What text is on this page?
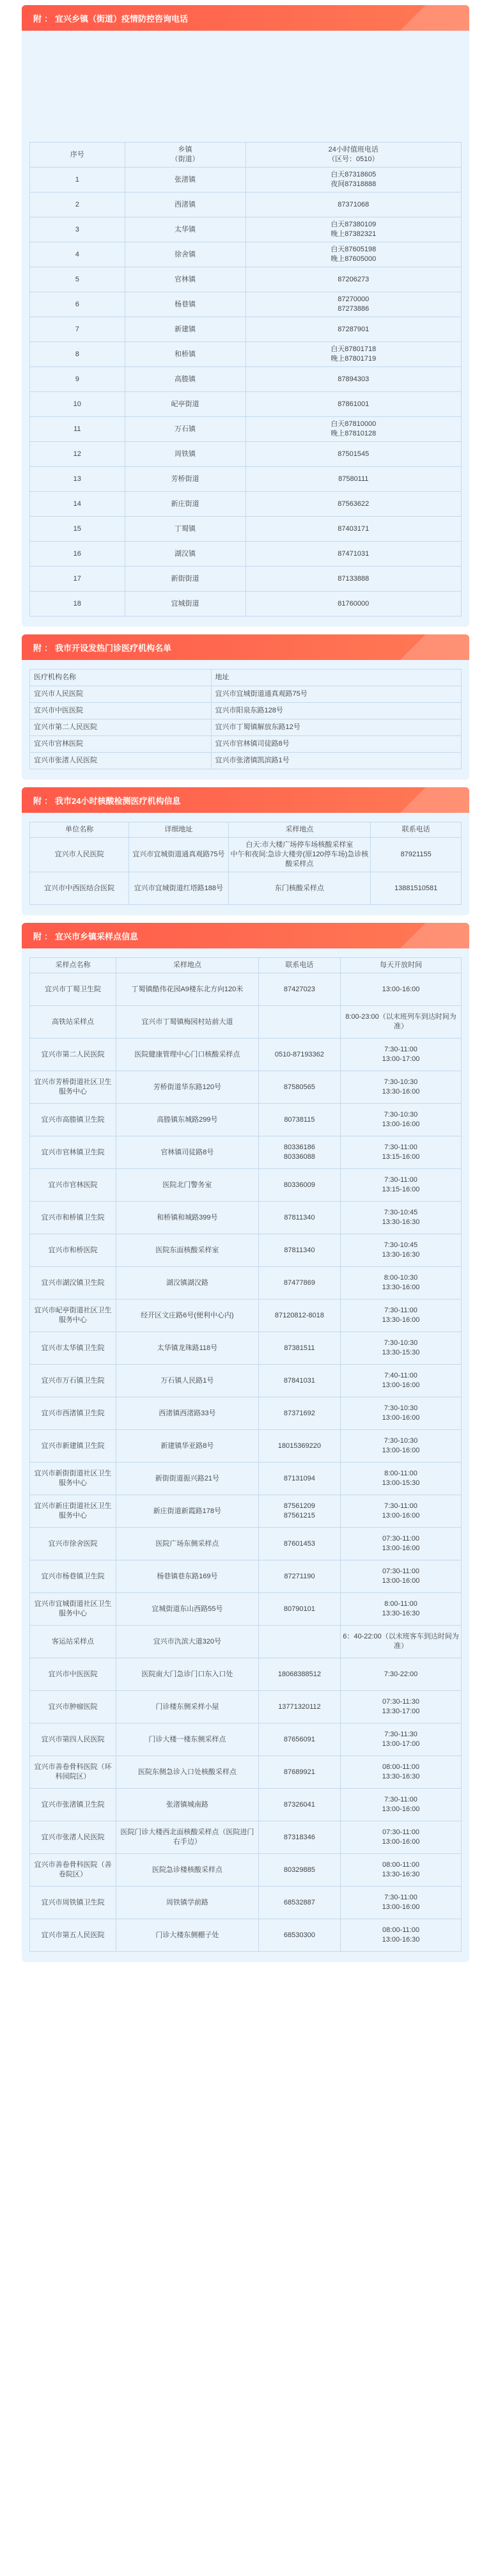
附 ： 宜兴乡镇（街道）疫情防控咨询电话
序号	乡镇
（街道）	24小时值班电话
（区号：0510）
1	张渚镇	白天87318605
夜间87318888
2	西渚镇	87371068
3	太华镇	白天87380109
晚上87382321
4	徐舍镇	白天87605198
晚上87605000
5	官林镇	87206273
6	杨巷镇	87270000
87273886
7	新建镇	87287901
8	和桥镇	白天87801718
晚上87801719
9	高塍镇	87894303
10	屺亭街道	87861001
11	万石镇	白天87810000
晚上87810128
12	周铁镇	87501545
13	芳桥街道	87580111
14	新庄街道	87563622
15	丁蜀镇	87403171
16	湖㳇镇	87471031
17	新街街道	87133888
18	宜城街道	81760000
附 ： 我市开设发热门诊医疗机构名单
医疗机构名称	地址
宜兴市人民医院	宜兴市宜城街道通真观路75号
宜兴市中医医院	宜兴市阳泉东路128号
宜兴市第二人民医院	宜兴市丁蜀镇解放东路12号
宜兴市官林医院	宜兴市官林镇司徒路8号
宜兴市张渚人民医院	宜兴市张渚镇凯滨路1号
附 ： 我市24小时核酸检测医疗机构信息
单位名称	详细地址	采样地点	联系电话
宜兴市人民医院	宜兴市宜城街道通真观路75号	白天:市大楼广场停车场核酸采样室
中午和夜间:急诊大楼旁(原120停车场)急诊核酸采样点	87921155
宜兴市中西医结合医院	宜兴市宜城街道红塔路188号	东门核酸采样点	13881510581
附 ： 宜兴市乡镇采样点信息
采样点名称	采样地点	联系电话	每天开放时间
宜兴市丁蜀卫生院	丁蜀镇酷伟花园A9楼东北方向120米	87427023	13:00-16:00
高铁站采样点	宜兴市丁蜀镇梅园村站前大道		8:00-23:00（以末班列车到达时间为准）
宜兴市第二人民医院	医院健康管理中心门口核酸采样点	0510-87193362	7:30-11:00
13:00-17:00
宜兴市芳桥街道社区卫生服务中心	芳桥街道华东路120号	87580565	7:30-10:30
13:30-16:00
宜兴市高塍镇卫生院	高塍镇东城路299号	80738115	7:30-10:30
13:00-16:00
宜兴市官林镇卫生院	官林镇司徒路8号	80336186
80336088	7:30-11:00
13:15-16:00
宜兴市官林医院	医院北门警务室	80336009	7:30-11:00
13:15-16:00
宜兴市和桥镇卫生院	和桥镇和城路399号	87811340	7:30-10:45
13:30-16:30
宜兴市和桥医院	医院东面核酸采样室	87811340	7:30-10:45
13:30-16:30
宜兴市湖㳇镇卫生院	湖㳇镇湖㳇路	87477869	8:00-10:30
13:30-16:00
宜兴市屺亭街道社区卫生服务中心	经开区文庄路6号(便利中心内)	87120812-8018	7:30-11:00
13:30-16:00
宜兴市太华镇卫生院	太华镇龙珠路118号	87381511	7:30-10:30
13:30-15:30
宜兴市万石镇卫生院	万石镇人民路1号	87841031	7:40-11:00
13:00-16:00
宜兴市西渚镇卫生院	西渚镇西渚路33号	87371692	7:30-10:30
13:00-16:00
宜兴市新建镇卫生院	新建镇华亚路8号	18015369220	7:30-10:30
13:00-16:00
宜兴市新街街道社区卫生服务中心	新街街道振兴路21号	87131094	8:00-11:00
13:00-15:30
宜兴市新庄街道社区卫生服务中心	新庄街道新霞路178号	87561209
87561215	7:30-11:00
13:00-16:00
宜兴市徐舍医院	医院广场东侧采样点	87601453	07:30-11:00
13:00-16:00
宜兴市杨巷镇卫生院	杨巷镇巷东路169号	87271190	07:30-11:00
13:00-16:00
宜兴市宜城街道社区卫生服务中心	宜城街道东山西路55号	80790101	8:00-11:00
13:30-16:30
客运站采样点	宜兴市氿滨大道320号		6：40-22:00（以末班客车到达时间为准）
宜兴市中医医院	医院南大门急诊门口东入口处	18068388512	7:30-22:00
宜兴市肿瘤医院	门诊楼东侧采样小屋	13771320112	07:30-11:30
13:30-17:00
宜兴市第四人民医院	门诊大楼一楼东侧采样点	87656091	7:30-11:30
13:00-17:00
宜兴市善卷骨科医院（环科园院区）	医院东侧急诊入口处核酸采样点	87689921	08:00-11:00
13:30-16:30
宜兴市张渚镇卫生院	张渚镇城南路	87326041	7:30-11:00
13:00-16:00
宜兴市张渚人民医院	医院门诊大楼西北面核酸采样点（医院进门右手边）	87318346	07:30-11:00
13:00-16:00
宜兴市善卷骨科医院（善卷院区）	医院急诊楼核酸采样点	80329885	08:00-11:00
13:30-16:30
宜兴市周铁镇卫生院	周铁镇学前路	68532887	7:30-11:00
13:00-16:00
宜兴市第五人民医院	门诊大楼东侧棚子处	68530300	08:00-11:00
13:00-16:30
